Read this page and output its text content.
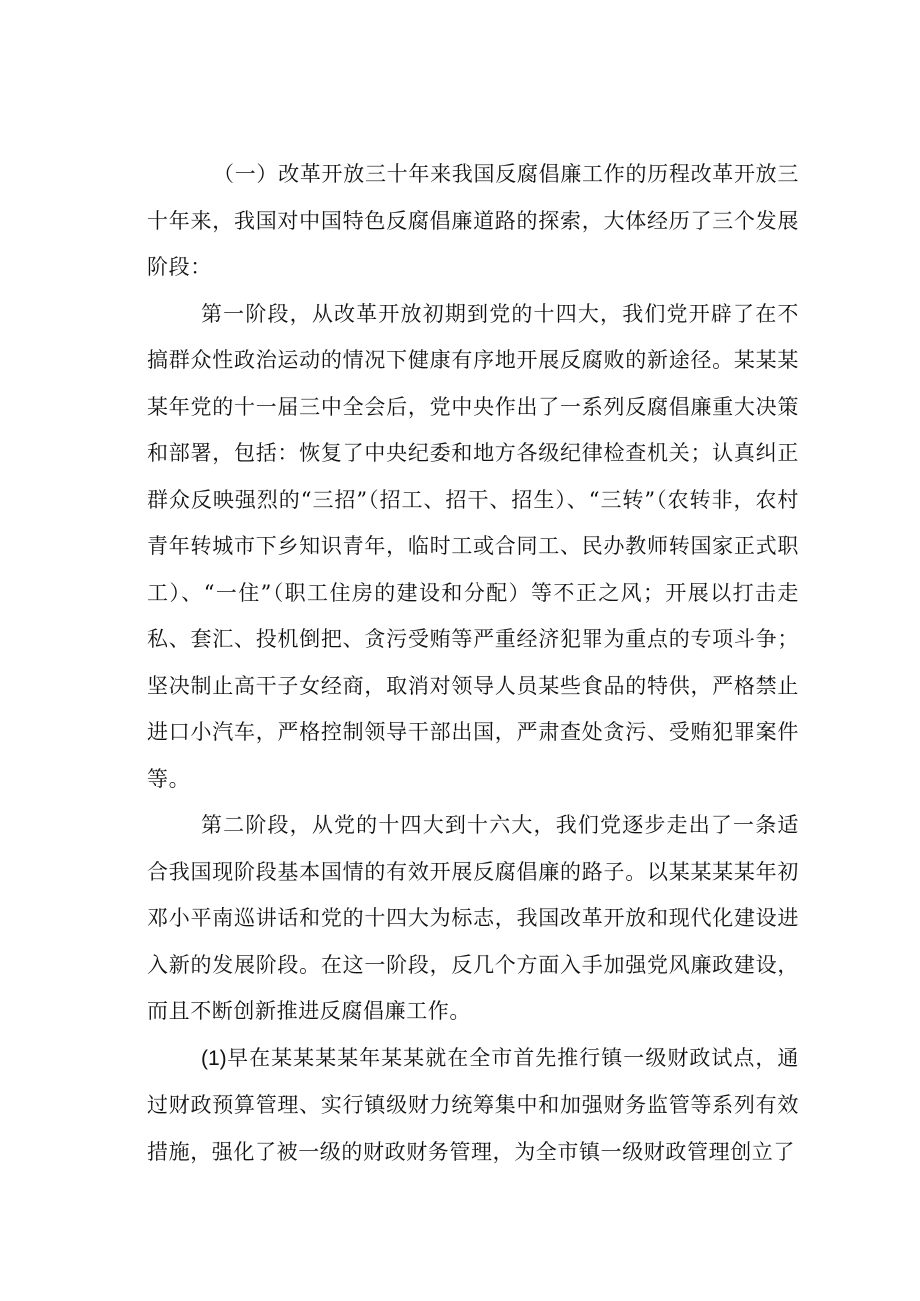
（一）改革开放三十年来我国反腐倡廉工作的历程改革开放三十年来，我国对中国特色反腐倡廉道路的探索，大体经历了三个发展阶段：

第一阶段，从改革开放初期到党的十四大，我们党开辟了在不搞群众性政治运动的情况下健康有序地开展反腐败的新途径。某某某某年党的十一届三中全会后，党中央作出了一系列反腐倡廉重大决策和部署，包括：恢复了中央纪委和地方各级纪律检查机关；认真纠正群众反映强烈的“三招”（招工、招干、招生）、“三转”（农转非，农村青年转城市下乡知识青年，临时工或合同工、民办教师转国家正式职工）、“一住”（职工住房的建设和分配）等不正之风；开展以打击走私、套汇、投机倒把、贪污受贿等严重经济犯罪为重点的专项斗争；坚决制止高干子女经商，取消对领导人员某些食品的特供，严格禁止进口小汽车，严格控制领导干部出国，严肃查处贪污、受贿犯罪案件等。

第二阶段，从党的十四大到十六大，我们党逐步走出了一条适合我国现阶段基本国情的有效开展反腐倡廉的路子。以某某某某年初邓小平南巡讲话和党的十四大为标志，我国改革开放和现代化建设进入新的发展阶段。在这一阶段，反几个方面入手加强党风廉政建设，而且不断创新推进反腐倡廉工作。

(1)早在某某某某年某某就在全市首先推行镇一级财政试点，通过财政预算管理、实行镇级财力统筹集中和加强财务监管等系列有效措施，强化了被一级的财政财务管理，为全市镇一级财政管理创立了
